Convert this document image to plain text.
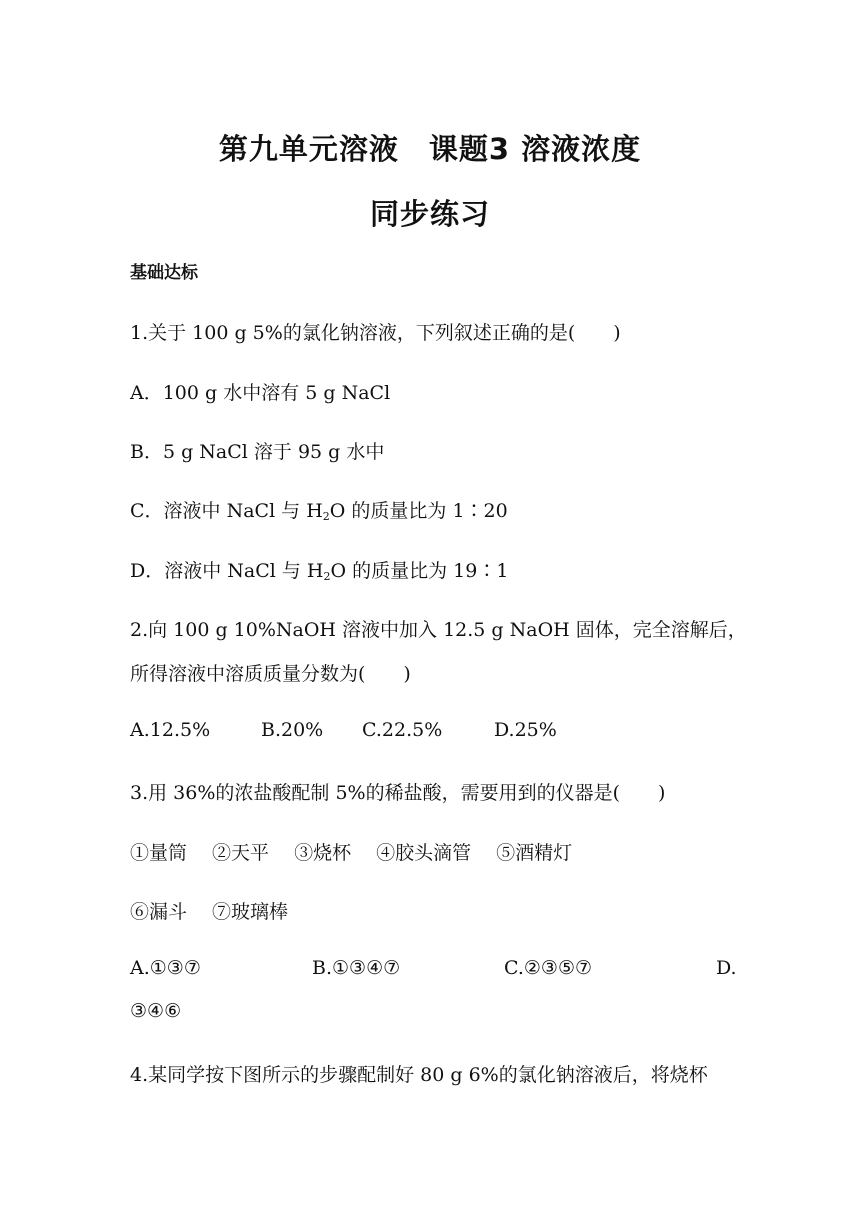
第九单元溶液　课题3 溶液浓度
同步练习
基础达标
1.关于 100 g 5%的氯化钠溶液，下列叙述正确的是(　　)
A．100 g 水中溶有 5 g NaCl
B．5 g NaCl 溶于 95 g 水中
C．溶液中 NaCl 与 $H_2O$ 的质量比为 1∶20
D．溶液中 NaCl 与 $H_2O$ 的质量比为 19∶1
2.向 100 g 10%NaOH 溶液中加入 12.5 g NaOH 固体，完全溶解后，
所得溶液中溶质质量分数为(　　)
A.12.5%	B.20% C.22.5%	D.25%
3.用 36%的浓盐酸配制 5%的稀盐酸，需要用到的仪器是(　　)
①量筒　 ②天平　 ③烧杯　 ④胶头滴管　 ⑤酒精灯
⑥漏斗　 ⑦玻璃棒
A.①③⑦	B.①③④⑦	C.②③⑤⑦	D.
③④⑥
4.某同学按下图所示的步骤配制好 80 g 6%的氯化钠溶液后，将烧杯
